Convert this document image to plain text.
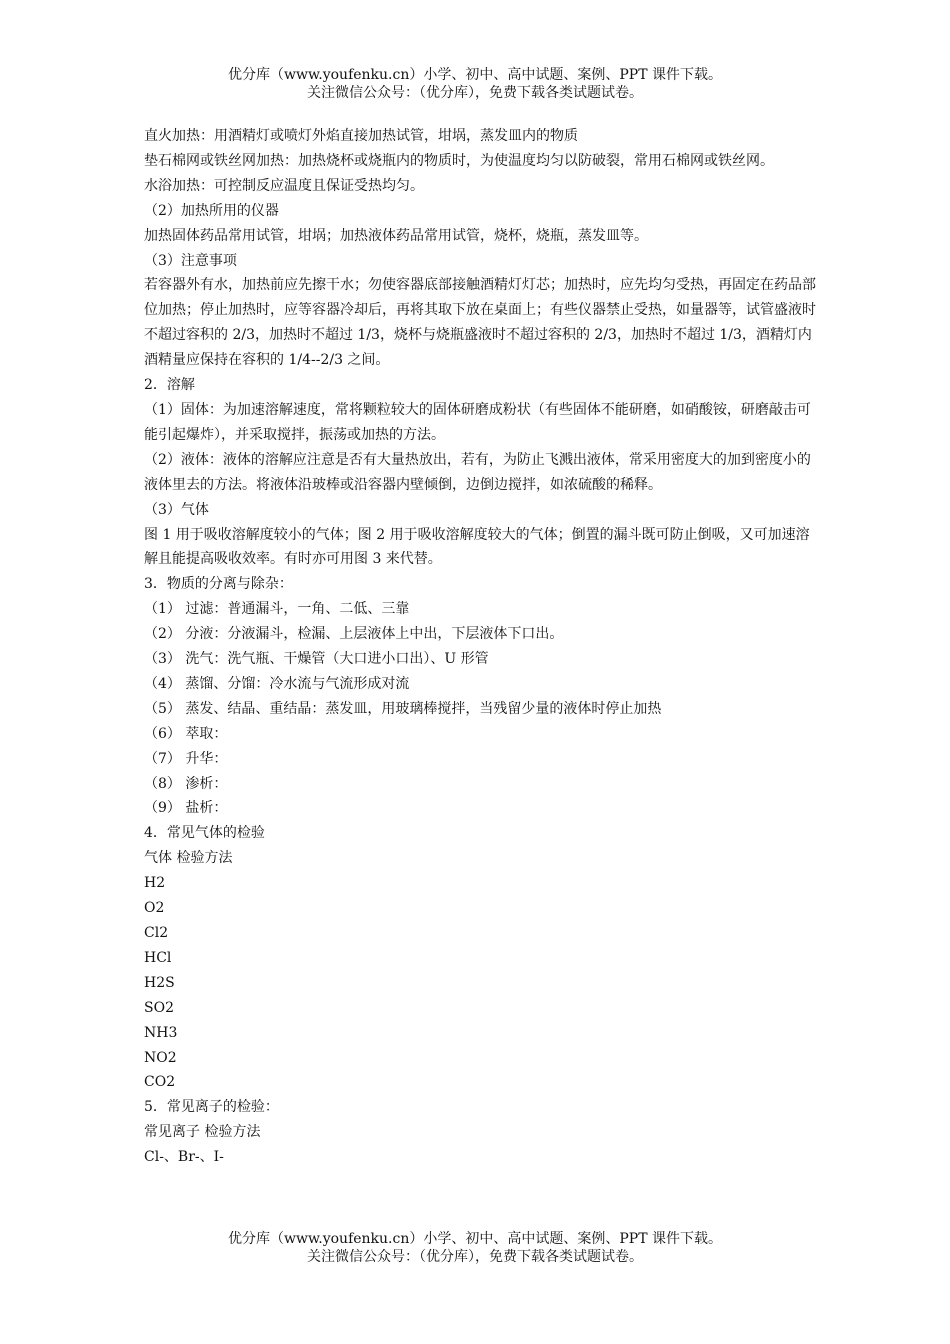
优分库（www.youfenku.cn）小学、初中、高中试题、案例、PPT 课件下载。
关注微信公众号：（优分库），免费下载各类试题试卷。

直火加热：用酒精灯或喷灯外焰直接加热试管，坩埚，蒸发皿内的物质

垫石棉网或铁丝网加热：加热烧杯或烧瓶内的物质时，为使温度均匀以防破裂，常用石棉网或铁丝网。

水浴加热：可控制反应温度且保证受热均匀。

（2）加热所用的仪器

加热固体药品常用试管，坩埚；加热液体药品常用试管，烧杯，烧瓶，蒸发皿等。

（3）注意事项

若容器外有水，加热前应先擦干水；勿使容器底部接触酒精灯灯芯；加热时，应先均匀受热，再固定在药品部位加热；停止加热时，应等容器冷却后，再将其取下放在桌面上；有些仪器禁止受热，如量器等，试管盛液时不超过容积的 2/3，加热时不超过 1/3，烧杯与烧瓶盛液时不超过容积的 2/3，加热时不超过 1/3，酒精灯内酒精量应保持在容积的 1/4--2/3 之间。

2．溶解

（1）固体：为加速溶解速度，常将颗粒较大的固体研磨成粉状（有些固体不能研磨，如硝酸铵，研磨敲击可能引起爆炸），并采取搅拌，振荡或加热的方法。

（2）液体：液体的溶解应注意是否有大量热放出，若有，为防止飞溅出液体，常采用密度大的加到密度小的液体里去的方法。将液体沿玻棒或沿容器内壁倾倒，边倒边搅拌，如浓硫酸的稀释。

（3）气体

图 1 用于吸收溶解度较小的气体；图 2 用于吸收溶解度较大的气体；倒置的漏斗既可防止倒吸，又可加速溶解且能提高吸收效率。有时亦可用图 3 来代替。

3．物质的分离与除杂：

（1） 过滤：普通漏斗，一角、二低、三靠

（2） 分液：分液漏斗，检漏、上层液体上中出，下层液体下口出。

（3） 洗气：洗气瓶、干燥管（大口进小口出）、U 形管

（4） 蒸馏、分馏：冷水流与气流形成对流

（5） 蒸发、结晶、重结晶：蒸发皿，用玻璃棒搅拌，当残留少量的液体时停止加热

（6） 萃取：

（7） 升华：

（8） 渗析：

（9） 盐析：

4．常见气体的检验

气体 检验方法

H2

O2

Cl2

HCl

H2S

SO2

NH3

NO2

CO2

5．常见离子的检验：

常见离子 检验方法

Cl-、Br-、I-

优分库（www.youfenku.cn）小学、初中、高中试题、案例、PPT 课件下载。
关注微信公众号：（优分库），免费下载各类试题试卷。
